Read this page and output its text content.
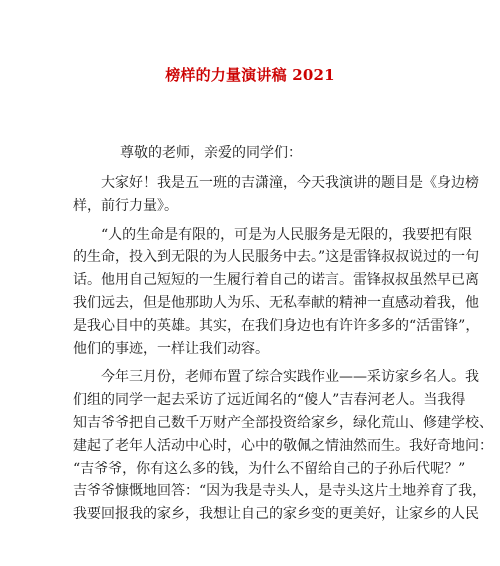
榜样的力量演讲稿 2021
尊敬的老师，亲爱的同学们：
大家好！我是五一班的吉潇潼，今天我演讲的题目是《身边榜
样，前行力量》。
“人的生命是有限的，可是为人民服务是无限的，我要把有限
的生命，投入到无限的为人民服务中去。”这是雷锋叔叔说过的一句
话。他用自己短短的一生履行着自己的诺言。雷锋叔叔虽然早已离
我们远去，但是他那助人为乐、无私奉献的精神一直感动着我，他
是我心目中的英雄。其实，在我们身边也有许许多多的“活雷锋”，
他们的事迹，一样让我们动容。
今年三月份，老师布置了综合实践作业——采访家乡名人。我
们组的同学一起去采访了远近闻名的“傻人”吉春河老人。当我得
知吉爷爷把自己数千万财产全部投资给家乡，绿化荒山、修建学校、
建起了老年人活动中心时，心中的敬佩之情油然而生。我好奇地问：
“吉爷爷，你有这么多的钱，为什么不留给自己的子孙后代呢？”
吉爷爷慷慨地回答：“因为我是寺头人，是寺头这片土地养育了我，
我要回报我的家乡，我想让自己的家乡变的更美好，让家乡的人民
